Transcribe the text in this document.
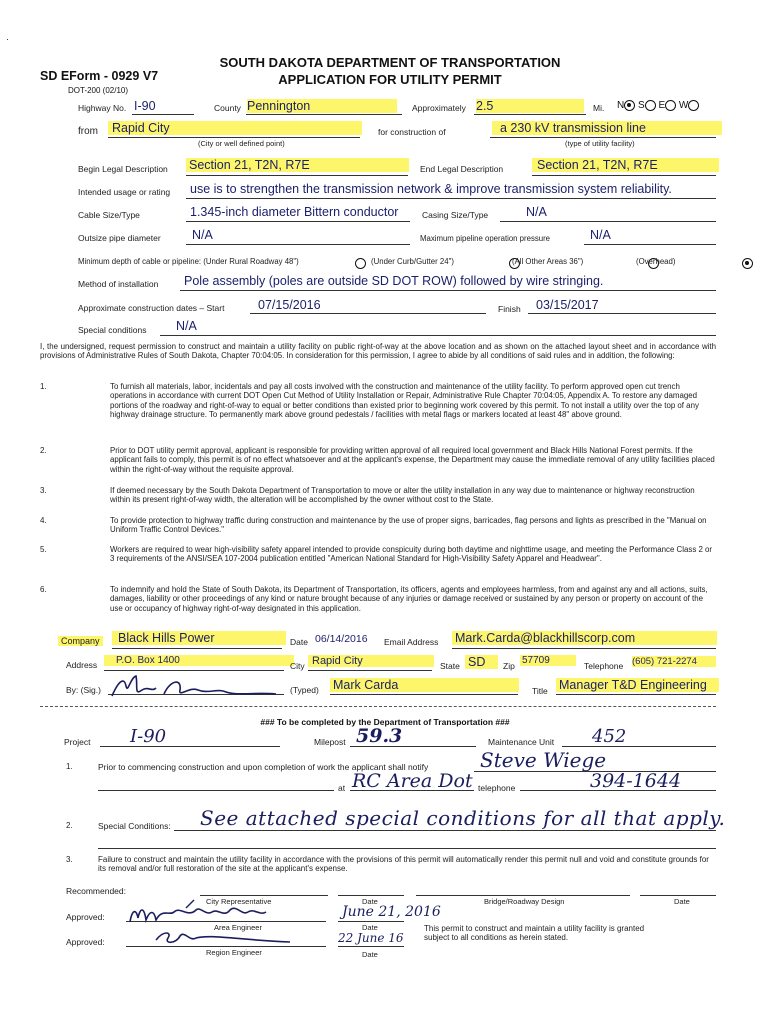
·
SOUTH DAKOTA DEPARTMENT OF TRANSPORTATION
APPLICATION FOR UTILITY PERMIT
SD EForm - 0929 V7
DOT-200 (02/10)
Highway No. I-90	County Pennington	Approximately 2.5	Mi. N S E W
from	Rapid City
(City or well defined point)
for construction of	a 230 kV transmission line
(type of utility facility)
Begin Legal Description Section 21, T2N, R7E	End Legal Description	Section 21, T2N, R7E
Intended usage or rating use is to strengthen the transmission network & improve transmission system reliability.
Cable Size/Type	1.345-inch diameter Bittern conductor	Casing Size/Type	N/A
Outsize pipe diameter	N/A	Maximum pipeline operation pressure	N/A
Minimum depth of cable or pipeline: (Under Rural Roadway 48")
	(Under Curb/Gutter 24")
	(All Other Areas 36")
	(Overhead)
Method of installation Pole assembly (poles are outside SD DOT ROW) followed by wire stringing.
Approximate construction dates – Start	07/15/2016	Finish 03/15/2017
Special conditions N/A
I, the undersigned, request permission to construct and maintain a utility facility on public right-of-way at the above location and as shown on the attached layout sheet and in accordance with provisions of Administrative Rules of South Dakota, Chapter 70:04:05. In consideration for this permission, I agree to abide by all conditions of said rules and in addition, the following:
1.	To furnish all materials, labor, incidentals and pay all costs involved with the construction and maintenance of the utility facility. To perform approved open cut trench operations in accordance with current DOT Open Cut Method of Utility Installation or Repair, Administrative Rule Chapter 70:04:05, Appendix A. To restore any damaged portions of the roadway and right-of-way to equal or better conditions than existed prior to beginning work covered by this permit. To not install a utility over the top of any highway drainage structure. To permanently mark above ground pedestals / facilities with metal flags or markers located at least 48" above ground.
2.	Prior to DOT utility permit approval, applicant is responsible for providing written approval of all required local government and Black Hills National Forest permits. If the applicant fails to comply, this permit is of no effect whatsoever and at the applicant's expense, the Department may cause the immediate removal of any utility facilities placed within the right-of-way without the requisite approval.
3.	If deemed necessary by the South Dakota Department of Transportation to move or alter the utility installation in any way due to maintenance or highway reconstruction within its present right-of-way width, the alteration will be accomplished by the owner without cost to the State.
4.	To provide protection to highway traffic during construction and maintenance by the use of proper signs, barricades, flag persons and lights as prescribed in the "Manual on Uniform Traffic Control Devices."
5.	Workers are required to wear high-visibility safety apparel intended to provide conspicuity during both daytime and nighttime usage, and meeting the Performance Class 2 or 3 requirements of the ANSI/SEA 107-2004 publication entitled "American National Standard for High-Visibility Safety Apparel and Headwear".
6.	To indemnify and hold the State of South Dakota, its Department of Transportation, its officers, agents and employees harmless, from and against any and all actions, suits, damages, liability or other proceedings of any kind or nature brought because of any injuries or damage received or sustained by any person or property on account of the use or occupancy of highway right-of-way designated in this application.
Company	Black Hills Power	Date 06/14/2016 Email Address Mark.Carda@blackhillscorp.com
Address	P.O. Box 1400	City Rapid City	State SD	Zip 57709	Telephone (605) 721-2274
By: (Sig.)	(Typed) Mark Carda	Title Manager T&D Engineering
### To be completed by the Department of Transportation ###
Project I-90	Milepost 59.3	Maintenance Unit 452
1.	Prior to commencing construction and upon completion of work the applicant shall notify	Steve Wiege
at RC Area Dot telephone	394-1644
2.	Special Conditions: See attached special conditions for all that apply.
3.	Failure to construct and maintain the utility facility in accordance with the provisions of this permit will automatically render this permit null and void and constitute grounds for its removal and/or full restoration of the site at the applicant's expense.
Recommended:
City Representative	Date	Bridge/Roadway Design	Date
Approved:
Area Engineer
June 21, 2016
Date	This permit to construct and maintain a utility facility is granted subject to all conditions as herein stated.
Approved:
Region Engineer
22 June 16
Date
